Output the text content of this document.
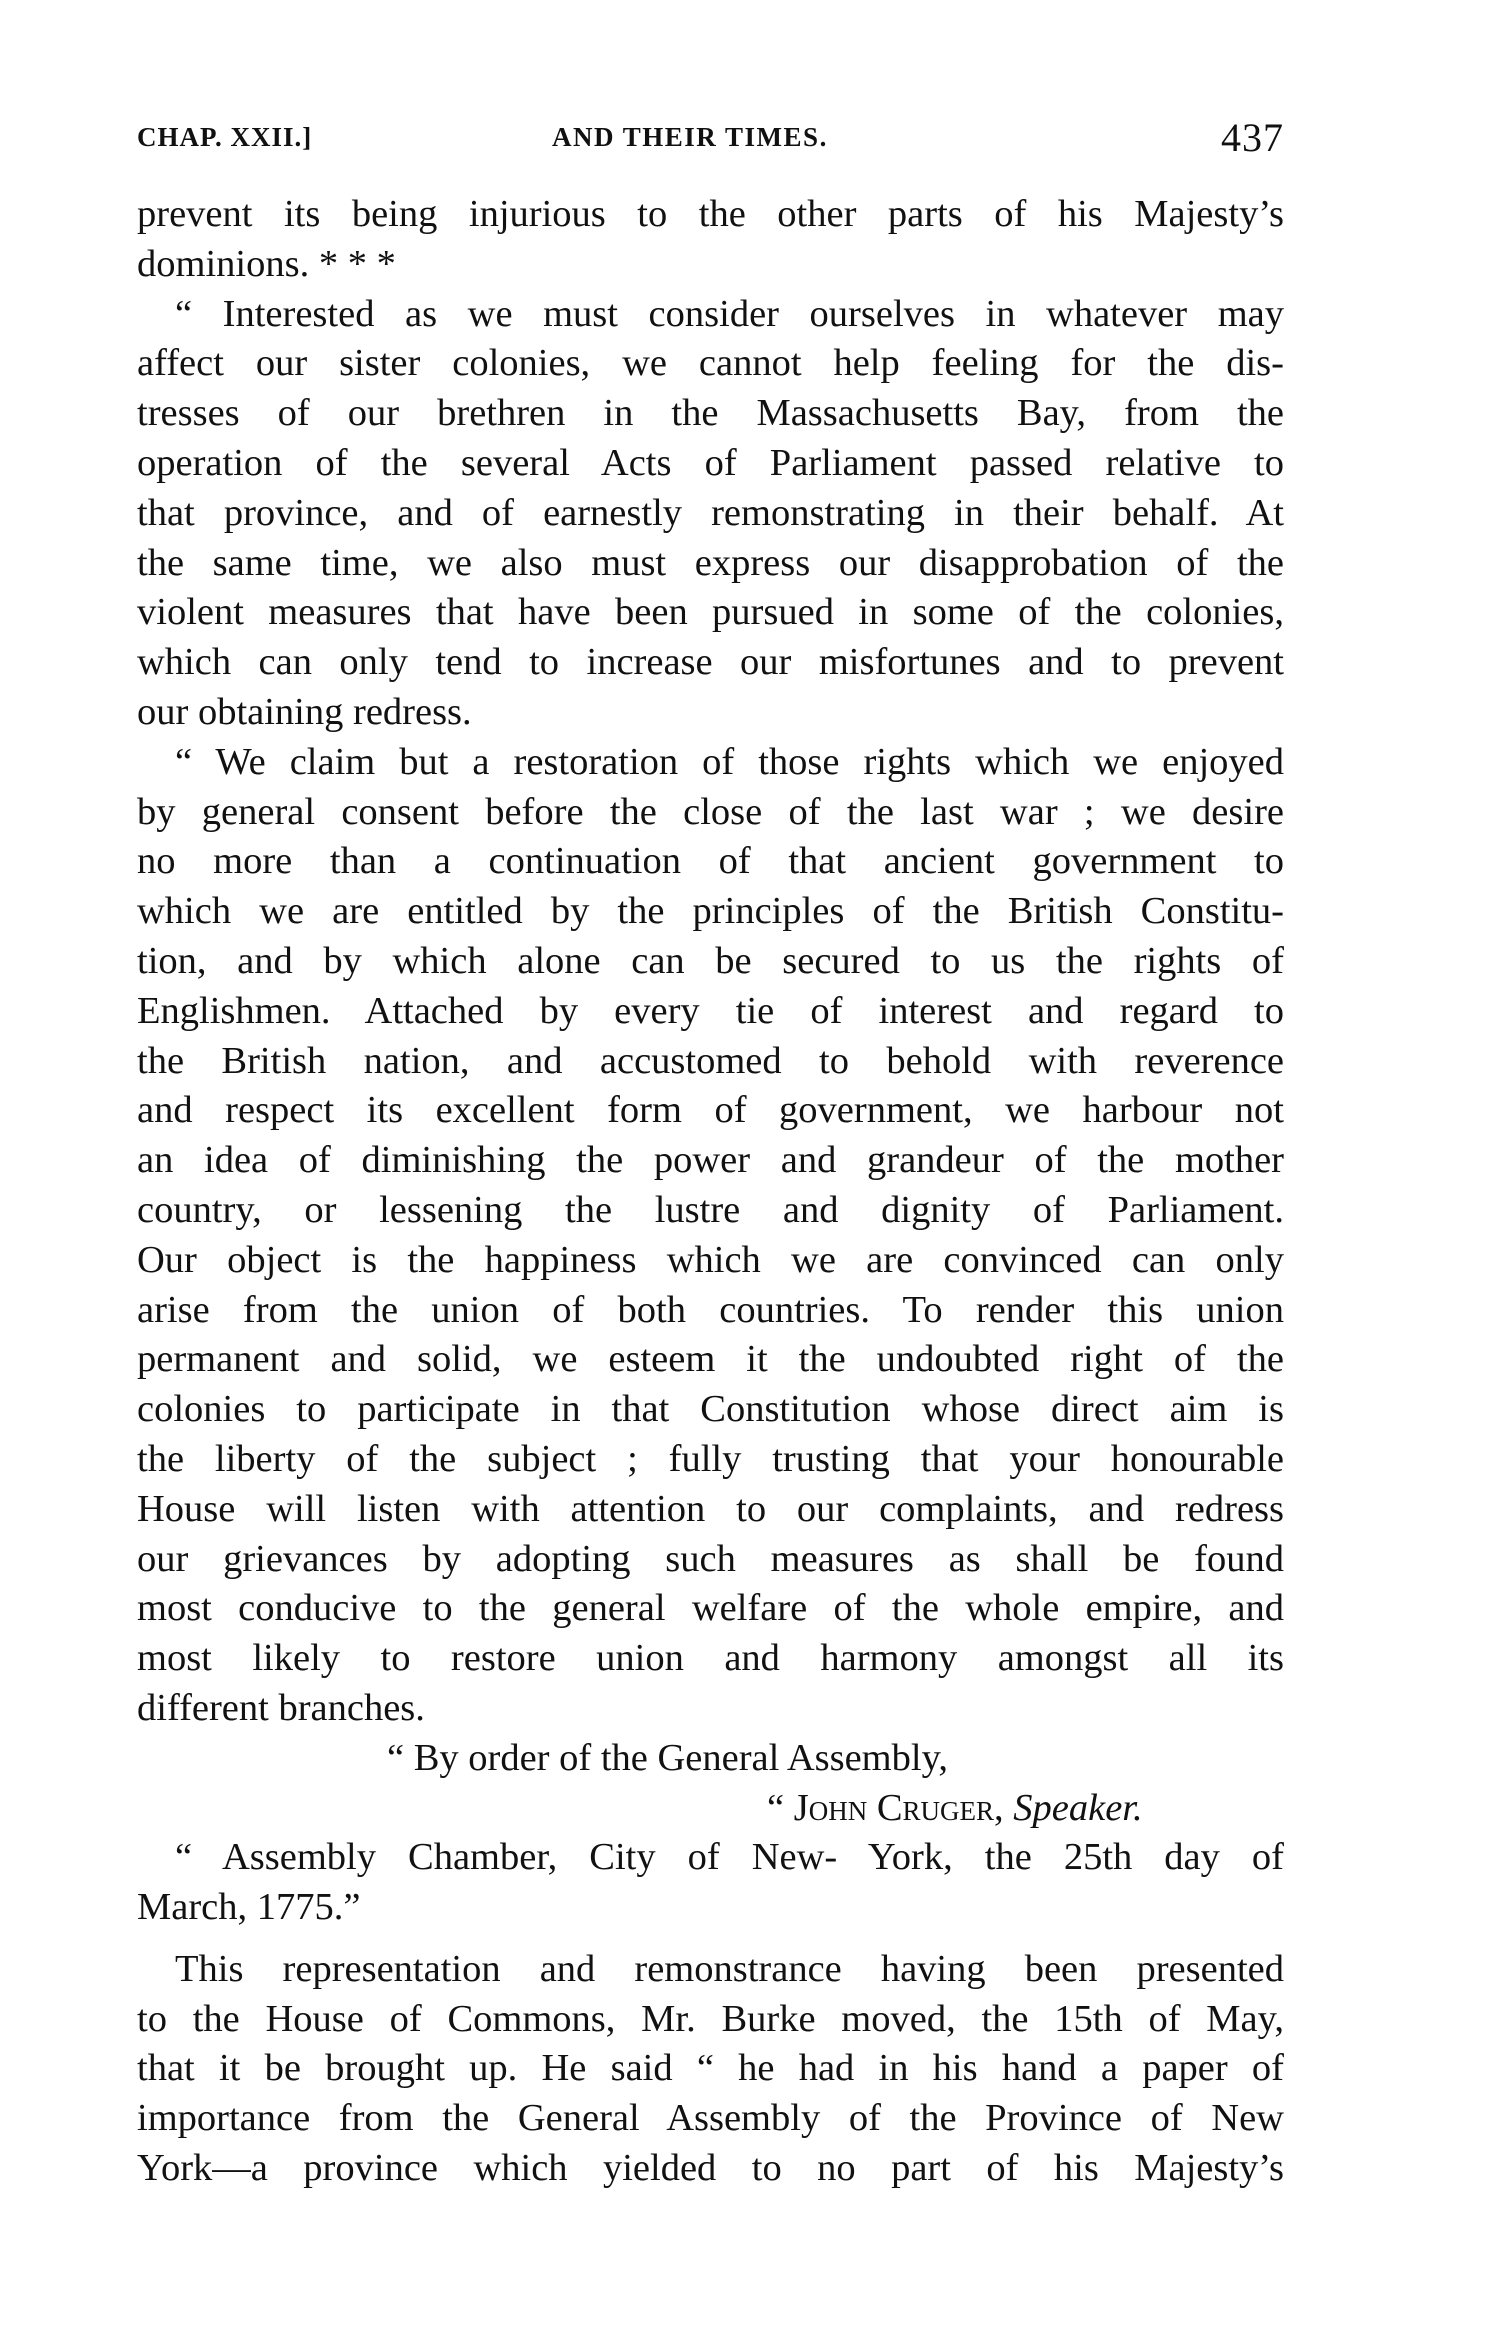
CHAP. XXII.]	AND THEIR TIMES.	437
prevent its being injurious to the other parts of his Majesty’s
dominions. * * *
“ Interested as we must consider ourselves in whatever may
affect our sister colonies, we cannot help feeling for the dis-
tresses of our brethren in the Massachusetts Bay, from the
operation of the several Acts of Parliament passed relative to
that province, and of earnestly remonstrating in their behalf. At
the same time, we also must express our disapprobation of the
violent measures that have been pursued in some of the colonies,
which can only tend to increase our misfortunes and to prevent
our obtaining redress.
“ We claim but a restoration of those rights which we enjoyed
by general consent before the close of the last war ; we desire
no more than a continuation of that ancient government to
which we are entitled by the principles of the British Constitu-
tion, and by which alone can be secured to us the rights of
Englishmen. Attached by every tie of interest and regard to
the British nation, and accustomed to behold with reverence
and respect its excellent form of government, we harbour not
an idea of diminishing the power and grandeur of the mother
country, or lessening the lustre and dignity of Parliament.
Our object is the happiness which we are convinced can only
arise from the union of both countries. To render this union
permanent and solid, we esteem it the undoubted right of the
colonies to participate in that Constitution whose direct aim is
the liberty of the subject ; fully trusting that your honourable
House will listen with attention to our complaints, and redress
our grievances by adopting such measures as shall be found
most conducive to the general welfare of the whole empire, and
most likely to restore union and harmony amongst all its
different branches.
“ By order of the General Assembly,
“ John Cruger, Speaker.
“ Assembly Chamber, City of New- York, the 25th day of
March, 1775.”
This representation and remonstrance having been presented
to the House of Commons, Mr. Burke moved, the 15th of May,
that it be brought up. He said “ he had in his hand a paper of
importance from the General Assembly of the Province of New
York—a province which yielded to no part of his Majesty’s
